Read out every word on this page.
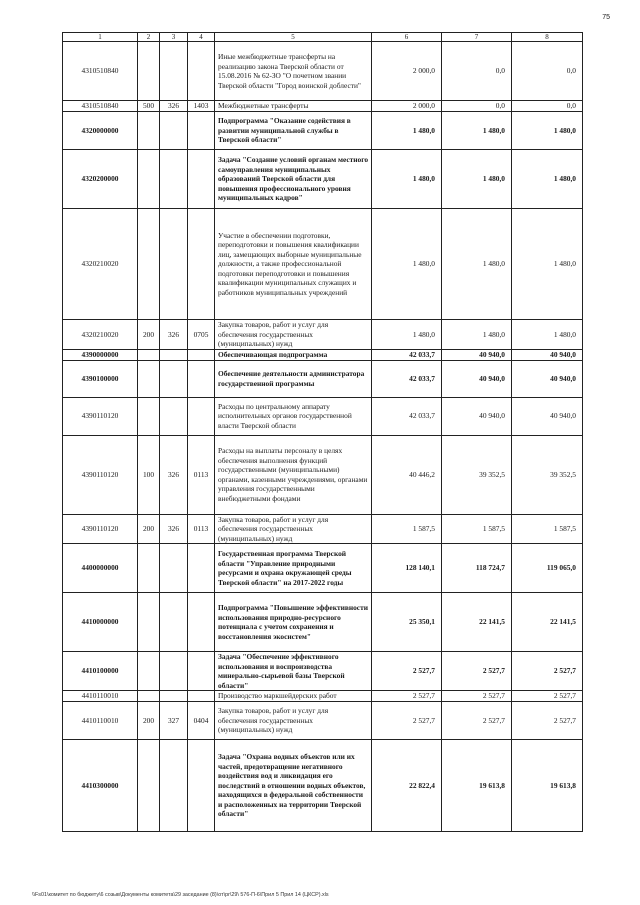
75
1	2	3	4	5	6	7	8
4310510840				Иные межбюджетные трансферты на реализацию закона Тверской области от 15.08.2016 № 62-ЗО "О почетном звании Тверской области "Город воинской доблести"	2 000,0	0,0	0,0
4310510840	500	326	1403	Межбюджетные трансферты	2 000,0	0,0	0,0
4320000000				Подпрограмма "Оказание содействия в развитии муниципальной службы в Тверской области"	1 480,0	1 480,0	1 480,0
4320200000				Задача "Создание условий органам местного самоуправления муниципальных образований Тверской области для повышения профессионального уровня муниципальных кадров"	1 480,0	1 480,0	1 480,0
4320210020				Участие в обеспечении подготовки, переподготовки и повышения квалификации лиц, замещающих выборные муниципальные должности, а также профессиональной подготовки переподготовки и повышения квалификации муниципальных служащих и работников муниципальных учреждений	1 480,0	1 480,0	1 480,0
4320210020	200	326	0705	Закупка товаров, работ и услуг для обеспечения государственных (муниципальных) нужд	1 480,0	1 480,0	1 480,0
4390000000				Обеспечивающая подпрограмма	42 033,7	40 940,0	40 940,0
4390100000				Обеспечение деятельности администратора государственной программы	42 033,7	40 940,0	40 940,0
4390110120				Расходы по центральному аппарату исполнительных органов государственной власти Тверской области	42 033,7	40 940,0	40 940,0
4390110120	100	326	0113	Расходы на выплаты персоналу в целях обеспечения выполнения функций государственными (муниципальными) органами, казенными учреждениями, органами управления государственными внебюджетными фондами	40 446,2	39 352,5	39 352,5
4390110120	200	326	0113	Закупка товаров, работ и услуг для обеспечения государственных (муниципальных) нужд	1 587,5	1 587,5	1 587,5
4400000000				Государственная программа Тверской области "Управление природными ресурсами и охрана окружающей среды Тверской области" на 2017-2022 годы	128 140,1	118 724,7	119 065,0
4410000000				Подпрограмма "Повышение эффективности использования природно-ресурсного потенциала с учетом сохранения и восстановления экосистем"	25 350,1	22 141,5	22 141,5
4410100000				Задача "Обеспечение эффективного использования и воспроизводства минерально-сырьевой базы Тверской области"	2 527,7	2 527,7	2 527,7
4410110010				Производство маркшейдерских работ	2 527,7	2 527,7	2 527,7
4410110010	200	327	0404	Закупка товаров, работ и услуг для обеспечения государственных (муниципальных) нужд	2 527,7	2 527,7	2 527,7
4410300000				Задача "Охрана водных объектов или их частей, предотвращение негативного воздействия вод и ликвидация его последствий в отношении водных объектов, находящихся в федеральной собственности и расположенных на территории Тверской области"	22 822,4	19 613,8	19 613,8
\\Fs01\комитет по бюджету\6 созыв\Документы комитета\29 заседание (8)\от\pr\29\ 576-П-6\Прил 5 Прил 14 (ЦКСР).xls
